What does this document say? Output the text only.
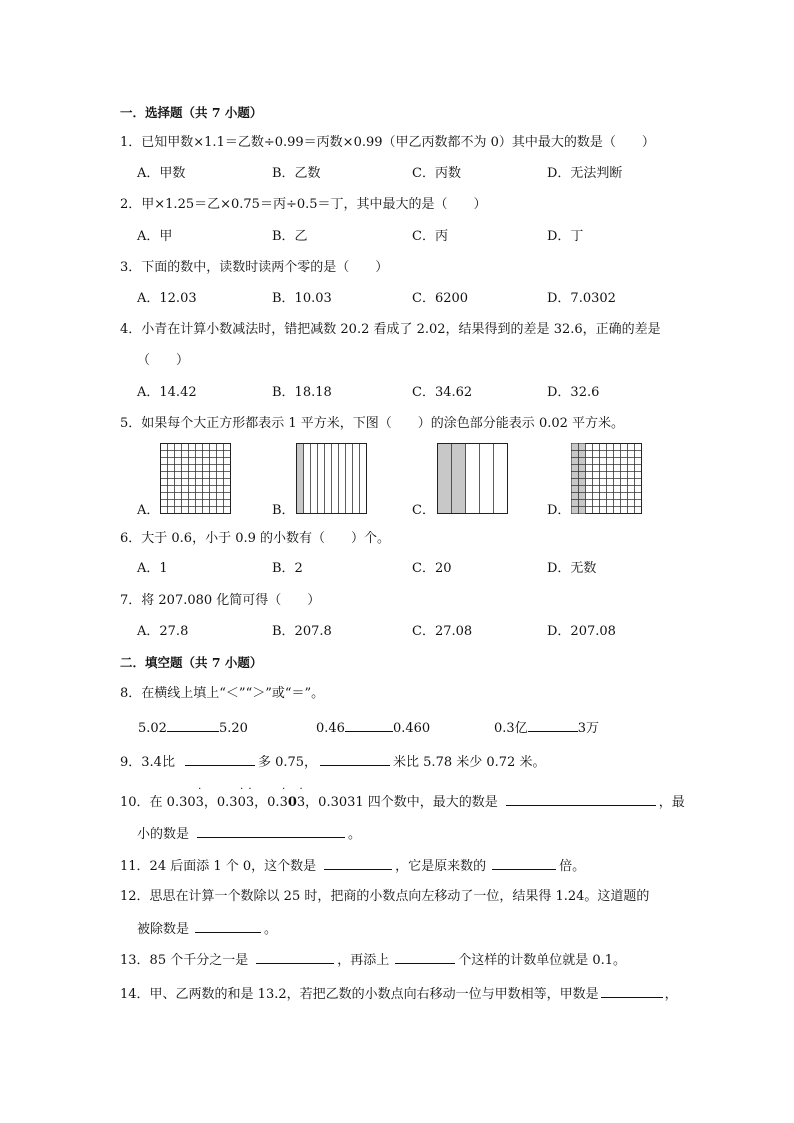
一．选择题（共 7 小题）
1．已知甲数×1.1＝乙数÷0.99＝丙数×0.99（甲乙丙数都不为 0）其中最大的数是（　　）
A．甲数	B．乙数	C．丙数	D．无法判断
2．甲×1.25＝乙×0.75＝丙÷0.5＝丁，其中最大的是（　　）
A．甲	B．乙	C．丙	D．丁
3．下面的数中，读数时读两个零的是（　　）
A．12.03	B．10.03	C．6200	D．7.0302
4．小青在计算小数减法时，错把减数 20.2 看成了 2.02，结果得到的差是 32.6，正确的差是
（　　）
A．14.42	B．18.18	C．34.62	D．32.6
5．如果每个大正方形都表示 1 平方米，下图（　　）的涂色部分能表示 0.02 平方米。
A．	B．	C．	D．
6．大于 0.6，小于 0.9 的小数有（　　）个。
A．1	B．2	C．20	D．无数
7．将 207.080 化简可得（　　）
A．27.8	B．207.8	C．27.08	D．207.08
二．填空题（共 7 小题）
8．在横线上填上“＜”“＞”或“＝”。
5.02	5.20	0.46	0.460	0.3亿	3万
9．3.4比	多 0.75，	米比 5.78 米少 0.72 米。
10．在 0.303
·
，0.30
·
3
·
，0.3
·
03
·
，0.3031 四个数中，最大的数是	，最
小的数是	。
11．24 后面添 1 个 0，这个数是	，它是原来数的	倍。
12．思思在计算一个数除以 25 时，把商的小数点向左移动了一位，结果得 1.24。这道题的
被除数是	。
13．85 个千分之一是	，再添上	个这样的计数单位就是 0.1。
14．甲、乙两数的和是 13.2，若把乙数的小数点向右移动一位与甲数相等，甲数是	，
